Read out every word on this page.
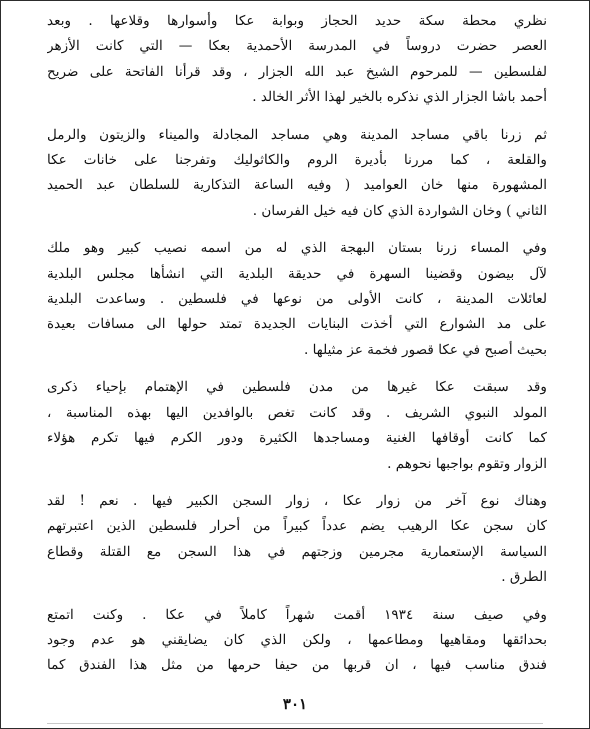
نظري محطة سكة حديد الحجاز وبوابة عكا وأسوارها وقلاعها . وبعد
العصر حضرت دروساً في المدرسة الأحمدية بعكا — التي كانت الأزهر
لفلسطين — للمرحوم الشيخ عبد الله الجزار ، وقد قرأنا الفاتحة على ضريح
أحمد باشا الجزار الذي نذكره بالخير لهذا الأثر الخالد .
ثم زرنا باقي مساجد المدينة وهي مساجد المجادلة والميناء والزيتون والرمل
والقلعة ، كما مررنا بأديرة الروم والكاثوليك وتفرجنا على خانات عكا
المشهورة منها خان العواميد ( وفيه الساعة التذكارية للسلطان عبد الحميد
الثاني ) وخان الشواردة الذي كان فيه خيل الفرسان .
وفي المساء زرنا بستان البهجة الذي له من اسمه نصيب كبير وهو ملك
لآل بيضون وقضينا السهرة في حديقة البلدية التي انشأها مجلس البلدية
لعائلات المدينة ، كانت الأولى من نوعها في فلسطين . وساعدت البلدية
على مد الشوارع التي أخذت البنايات الجديدة تمتد حولها الى مسافات بعيدة
بحيث أصبح في عكا قصور فخمة عز مثيلها .
وقد سبقت عكا غيرها من مدن فلسطين في الإهتمام بإحياء ذكرى
المولد النبوي الشريف . وقد كانت تغص بالوافدين اليها بهذه المناسبة ،
كما كانت أوقافها الغنية ومساجدها الكثيرة ودور الكرم فيها تكرم هؤلاء
الزوار وتقوم بواجبها نحوهم .
وهناك نوع آخر من زوار عكا ، زوار السجن الكبير فيها . نعم ! لقد
كان سجن عكا الرهيب يضم عدداً كبيراً من أحرار فلسطين الذين اعتبرتهم
السياسة الإستعمارية مجرمين وزجتهم في هذا السجن مع القتلة وقطاع
الطرق .
وفي صيف سنة ١٩٣٤ أقمت شهراً كاملاً في عكا . وكنت اتمتع
بحدائقها ومقاهيها ومطاعمها ، ولكن الذي كان يضايقني هو عدم وجود
فندق مناسب فيها ، ان قربها من حيفا حرمها من مثل هذا الفندق كما
٣٠١
